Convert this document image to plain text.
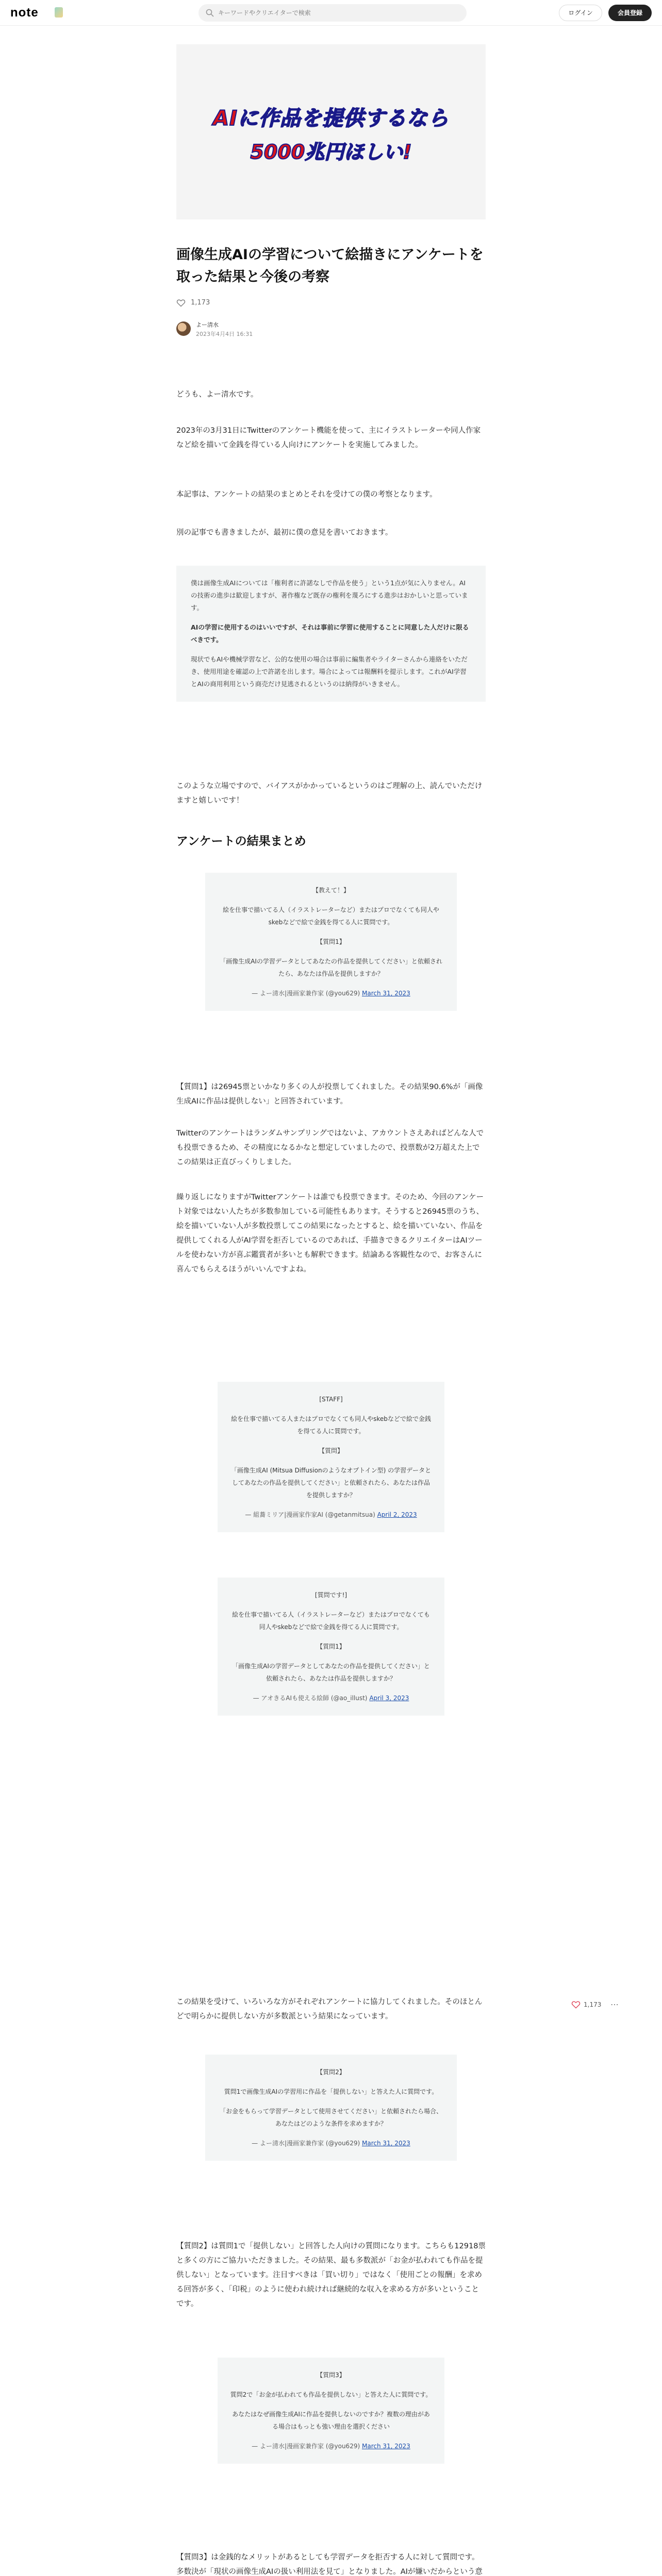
note
キーワードやクリエイターで検索	ログイン	会員登録
AIに作品を提供するなら
5000兆円ほしい!
画像生成AIの学習について絵描きにアンケートを取った結果と今後の考察
1,173
よー清水
2023年4月4日 16:31

どうも、よー清水です。

2023年の3月31日にTwitterのアンケート機能を使って、主にイラストレーターや同人作家など絵を描いて金銭を得ている人向けにアンケートを実施してみました。

本記事は、アンケートの結果のまとめとそれを受けての僕の考察となります。

別の記事でも書きましたが、最初に僕の意見を書いておきます。

僕は画像生成AIについては「権利者に許諾なしで作品を使う」という1点が気に入りません。AIの技術の進歩は歓迎しますが、著作権など既存の権利を蔑ろにする進歩はおかしいと思っています。

AIの学習に使用するのはいいですが、それは事前に学習に使用することに同意した人だけに限るべきです。

現状でもAIや機械学習など、公的な使用の場合は事前に編集者やライターさんから連絡をいただき、使用用途を確認の上で許諾を出します。場合によっては報酬料を提示します。これがAI学習とAIの商用利用という商売だけ見逃されるというのは納得がいきません。

このような立場ですので、バイアスがかかっているというのはご理解の上、読んでいただけますと嬉しいです！

アンケートの結果まとめ

【教えて！】

絵を仕事で描いてる人（イラストレーターなど）またはプロでなくても同人やskebなどで絵で金銭を得てる人に質問です。

【質問1】

「画像生成AIの学習データとしてあなたの作品を提供してください」と依頼されたら、あなたは作品を提供しますか？

— よー清水|漫画家兼作家 (@you629) March 31, 2023

【質問1】は26945票といかなり多くの人が投票してくれました。その結果90.6%が「画像生成AIに作品は提供しない」と回答されています。

Twitterのアンケートはランダムサンプリングではないよ、アカウントさえあればどんな人でも投票できるため、その精度になるかなと想定していましたので、投票数が2万超えた上でこの結果は正直びっくりしました。

繰り返しになりますがTwitterアンケートは誰でも投票できます。そのため、今回のアンケート対象ではない人たちが多数参加している可能性もあります。そうすると26945票のうち、絵を描いていない人が多数投票してこの結果になったとすると、絵を描いていない、作品を提供してくれる人がAI学習を拒否しているのであれば、手描きできるクリエイターはAIツールを使わない方が喜ぶ鑑賞者が多いとも解釈できます。結論ある客観性なので、お客さんに喜んでもらえるほうがいいんですよね。

[STAFF]

絵を仕事で描いてる人またはプロでなくても同人やskebなどで絵で金銭を得てる人に質問です。

【質問】

「画像生成AI (Mitsua Diffusionのようなオプトイン型) の学習データとしてあなたの作品を提供してください」と依頼されたら、あなたは作品を提供しますか？

— 組蕎ミリア|漫画家作家AI (@getanmitsua) April 2, 2023

[質問です!]

絵を仕事で描いてる人（イラストレーターなど）またはプロでなくても同人やskebなどで絵で金銭を得てる人に質問です。

【質問1】

「画像生成AIの学習データとしてあなたの作品を提供してください」と依頼されたら、あなたは作品を提供しますか？

— アオきるAIも使える絵師 (@ao_illust) April 3, 2023

この結果を受けて、いろいろな方がそれぞれアンケートに協力してくれました。そのほとんどで明らかに提供しない方が多数派という結果になっています。

【質問2】

質問1で画像生成AIの学習用に作品を「提供しない」と答えた人に質問です。

「お金をもらって学習データとして使用させてください」と依頼されたら場合、あなたはどのような条件を求めますか？

— よー清水|漫画家兼作家 (@you629) March 31, 2023

【質問2】は質問1で「提供しない」と回答した人向けの質問になります。こちらも12918票と多くの方にご協力いただきました。その結果、最も多数派が「お金が払われても作品を提供しない」となっています。注目すべきは「買い切り」ではなく「使用ごとの報酬」を求める回答が多く、「印税」のように使われ続ければ継続的な収入を求める方が多いということです。

【質問3】

質問2で「お金が払われても作品を提供しない」と答えた人に質問です。

あなたはなぜ画像生成AIに作品を提供しないのですか？複数の理由がある場合はもっとも強い理由を選択ください

— よー清水|漫画家兼作家 (@you629) March 31, 2023

【質問3】は金銭的なメリットがあるとしても学習データを拒否する人に対して質問です。多数決が「現状の画像生成AIの扱い利用法を見て」となりました。AIが嫌いだからという意

1,173 ⋯
